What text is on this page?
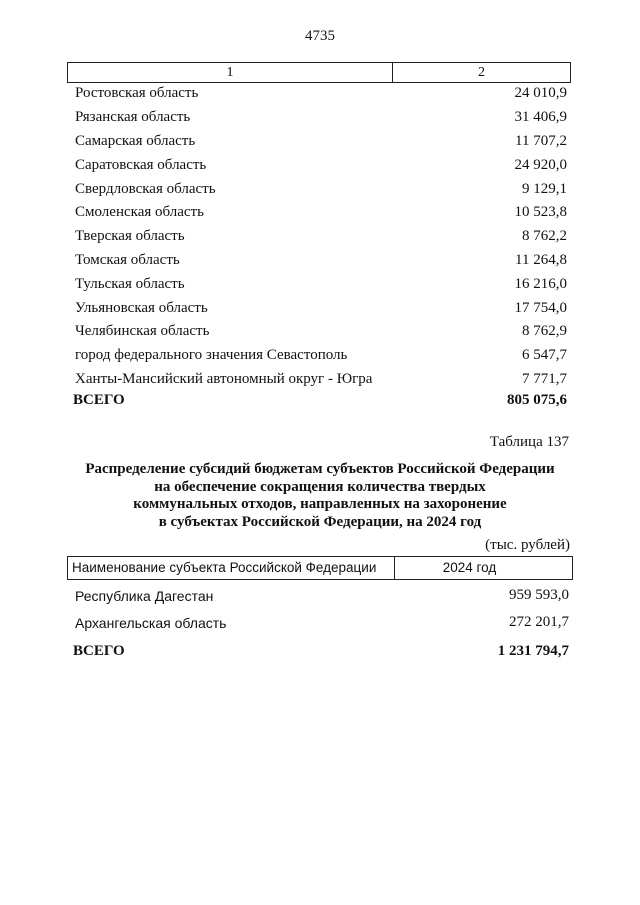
4735
1	2
Ростовская область	24 010,9
Рязанская область	31 406,9
Самарская область	11 707,2
Саратовская область	24 920,0
Свердловская область	9 129,1
Смоленская область	10 523,8
Тверская область	8 762,2
Томская область	11 264,8
Тульская область	16 216,0
Ульяновская область	17 754,0
Челябинская область	8 762,9
город федерального значения Севастополь	6 547,7
Ханты-Мансийский автономный округ - Югра	7 771,7
ВСЕГО	805 075,6
Таблица 137
Распределение субсидий бюджетам субъектов Российской Федерации
на обеспечение сокращения количества твердых
коммунальных отходов, направленных на захоронение
в субъектах Российской Федерации, на 2024 год
(тыс. рублей)
Наименование субъекта Российской Федерации	2024 год
Республика Дагестан	959 593,0
Архангельская область	272 201,7
ВСЕГО	1 231 794,7
